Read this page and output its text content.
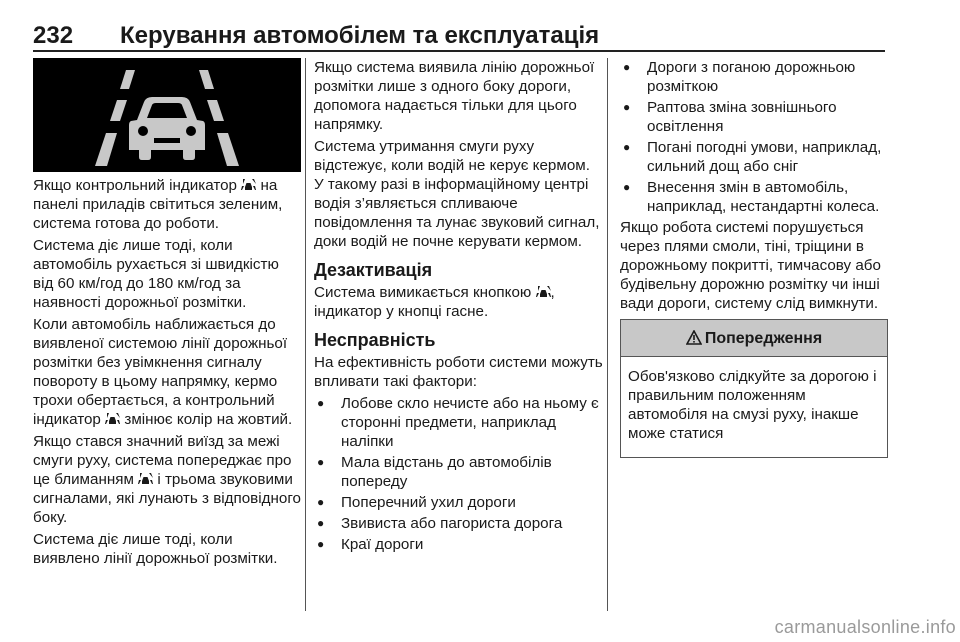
232 Керування автомобілем та експлуатація

Якщо контрольний індикатор на панелі приладів світиться зеленим, система готова до роботи.

Система діє лише тоді, коли автомобіль рухається зі швидкістю від 60 км/год до 180 км/год за наявності дорожньої розмітки.

Коли автомобіль наближається до виявленої системою лінії дорожньої розмітки без увімкнення сигналу повороту в цьому напрямку, кермо трохи обертається, а контрольний індикатор змінює колір на жовтий.

Якщо стався значний виїзд за межі смуги руху, система попереджає про це блиманням і трьома звуковими сигналами, які лунають з відповідного боку.

Система діє лише тоді, коли виявлено лінії дорожньої розмітки.

Якщо система виявила лінію дорожньої розмітки лише з одного боку дороги, допомога надається тільки для цього напрямку.

Система утримання смуги руху відстежує, коли водій не керує кермом. У такому разі в інформаційному центрі водія з’являється спливаюче повідомлення та лунає звуковий сигнал, доки водій не почне керувати кермом.

Дезактивація

Система вимикається кнопкою , індикатор у кнопці гасне.

Несправність

На ефективність роботи системи можуть впливати такі фактори:

● Лобове скло нечисте або на ньому є сторонні предмети, наприклад наліпки
● Мала відстань до автомобілів попереду
● Поперечний ухил дороги
● Звивиста або пагориста дорога
● Краї дороги
● Дороги з поганою дорожньою розміткою
● Раптова зміна зовнішнього освітлення
● Погані погодні умови, наприклад, сильний дощ або сніг
● Внесення змін в автомобіль, наприклад, нестандартні колеса.

Якщо робота системі порушується через плями смоли, тіні, тріщини в дорожньому покритті, тимчасову або будівельну дорожню розмітку чи інші вади дороги, систему слід вимкнути.

Попередження
Обов'язково слідкуйте за дорогою і правильним положенням автомобіля на смузі руху, інакше може статися
carmanualsonline.info
